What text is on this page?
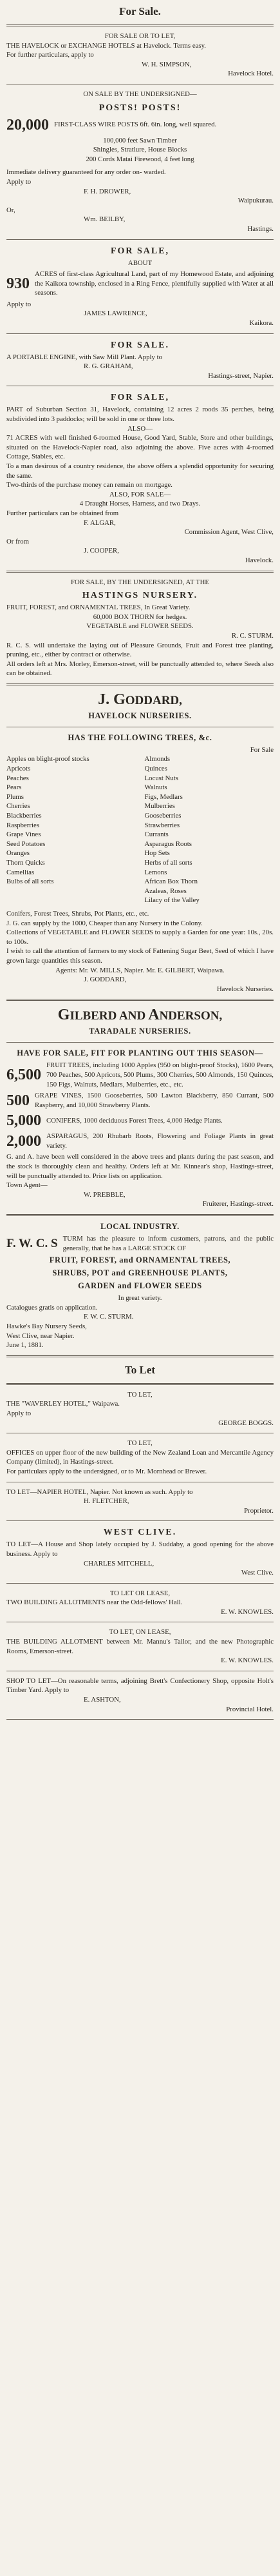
For Sale.

FOR SALE OR TO LET,

THE HAVELOCK or EXCHANGE HOTELS at Havelock. Terms easy.

For further particulars, apply to

W. H. SIMPSON,

Havelock Hotel.

ON SALE BY THE UNDERSIGNED—

POSTS! POSTS!

20,000 FIRST-CLASS WIRE POSTS 6ft. 6in. long, well squared.

100,000 feet Sawn Timber

Shingles, Stratlure, House Blocks

200 Cords Matai Firewood, 4 feet long

Immediate delivery guaranteed for any order on- warded.

Apply to

F. H. DROWER,

Waipukurau.

Or,

Wm. BEILBY,

Hastings.

FOR SALE,

ABOUT

930
ACRES of first-class Agricultural Land, part of my Homewood Estate, and adjoining the Kaikora township, enclosed in a Ring Fence, plentifully supplied with Water at all seasons.

Apply to

JAMES LAWRENCE,

Kaikora.

FOR SALE.

A PORTABLE ENGINE, with Saw Mill Plant. Apply to

R. G. GRAHAM,

Hastings-street, Napier.

FOR SALE,

PART of Suburban Section 31, Havelock, containing 12 acres 2 roods 35 perches, being subdivided into 3 paddocks; will be sold in one or three lots.

ALSO—

71 ACRES with well finished 6-roomed House, Good Yard, Stable, Store and other buildings, situated on the Havelock-Napier road, also adjoining the above. Five acres with 4-roomed Cottage, Stables, etc.

To a man desirous of a country residence, the above offers a splendid opportunity for securing the same.

Two-thirds of the purchase money can remain on mortgage.

ALSO, FOR SALE—

4 Draught Horses, Harness, and two Drays.

Further particulars can be obtained from

F. ALGAR,

Commission Agent, West Clive,

Or from

J. COOPER,

Havelock.

FOR SALE, BY THE UNDERSIGNED, AT THE

HASTINGS NURSERY.

FRUIT, FOREST, and ORNAMENTAL TREES, In Great Variety.

60,000 BOX THORN for hedges.

VEGETABLE and FLOWER SEEDS.

R. C. STURM.

R. C. S. will undertake the laying out of Pleasure Grounds, Fruit and Forest tree planting, pruning, etc., either by contract or otherwise.

All orders left at Mrs. Morley, Emerson-street, will be punctually attended to, where Seeds also can be obtained.

J. GODDARD,

HAVELOCK NURSERIES.

HAS THE FOLLOWING TREES, &c.

For Sale

Apples on blight-proof stocks
Apricots
Peaches
Pears
Plums
Cherries
Blackberries
Raspberries
Grape Vines
Seed Potatoes
Oranges
Thorn Quicks
Camellias
Bulbs of all sorts
Almonds
Quinces
Locust Nuts
Walnuts
Figs, Medlars
Mulberries
Gooseberries
Strawberries
Currants
Asparagus Roots
Hop Sets
Herbs of all sorts
Lemons
African Box Thorn
Azaleas, Roses
Lilacy of the Valley

Conifers, Forest Trees, Shrubs, Pot Plants, etc., etc.

J. G. can supply by the 1000, Cheaper than any Nursery in the Colony.

Collections of VEGETABLE and FLOWER SEEDS to supply a Garden for one year: 10s., 20s. to 100s.

I wish to call the attention of farmers to my stock of Fattening Sugar Beet, Seed of which I have grown large quantities this season.

Agents: Mr. W. MILLS, Napier. Mr. E. GILBERT, Waipawa.

J. GODDARD,

Havelock Nurseries.

GILBERD AND ANDERSON,

TARADALE NURSERIES.

HAVE FOR SALE, FIT FOR PLANTING OUT THIS SEASON—

6,500
FRUIT TREES, including 1000 Apples (950 on blight-proof Stocks), 1600 Pears, 700 Peaches, 500 Apricots, 500 Plums, 300 Cherries, 500 Almonds, 150 Quinces, 150 Figs, Walnuts, Medlars, Mulberries, etc., etc.
500 GRAPE VINES, 1500 Gooseberries, 500 Lawton Blackberry, 850 Currant, 500 Raspberry, and 10,000 Strawberry Plants.
5,000 CONIFERS, 1000 deciduous Forest Trees, 4,000 Hedge Plants.
2,000 ASPARAGUS, 200 Rhubarb Roots, Flowering and Foliage Plants in great variety.

G. and A. have been well considered in the above trees and plants during the past season, and the stock is thoroughly clean and healthy. Orders left at Mr. Kinnear's shop, Hastings-street, will be punctually attended to. Price lists on application.

Town Agent—

W. PREBBLE,

Fruiterer, Hastings-street.

LOCAL INDUSTRY.

F. W. C. S TURM has the pleasure to inform customers, patrons, and the public generally, that he has a LARGE STOCK OF

FRUIT, FOREST, and ORNAMENTAL TREES,

SHRUBS, POT and GREENHOUSE PLANTS,

GARDEN and FLOWER SEEDS

In great variety.

Catalogues gratis on application.

F. W. C. STURM.

Hawke's Bay Nursery Seeds,

West Clive, near Napier.

June 1, 1881.

To Let

TO LET,

THE "WAVERLEY HOTEL," Waipawa.

Apply to

GEORGE BOGGS.

TO LET,

OFFICES on upper floor of the new building of the New Zealand Loan and Mercantile Agency Company (limited), in Hastings-street.

For particulars apply to the undersigned, or to Mr. Mornhead or Brewer.

TO LET—NAPIER HOTEL, Napier. Not known as such. Apply to

H. FLETCHER,

Proprietor.

WEST CLIVE.

TO LET—A House and Shop lately occupied by J. Suddaby, a good opening for the above business. Apply to

CHARLES MITCHELL,

West Clive.

TO LET OR LEASE,

TWO BUILDING ALLOTMENTS near the Odd-fellows' Hall.

E. W. KNOWLES.

TO LET, ON LEASE,

THE BUILDING ALLOTMENT between Mr. Mannu's Tailor, and the new Photographic Rooms, Emerson-street.

E. W. KNOWLES.

SHOP TO LET—On reasonable terms, adjoining Brett's Confectionery Shop, opposite Holt's Timber Yard. Apply to

E. ASHTON,

Provincial Hotel.
